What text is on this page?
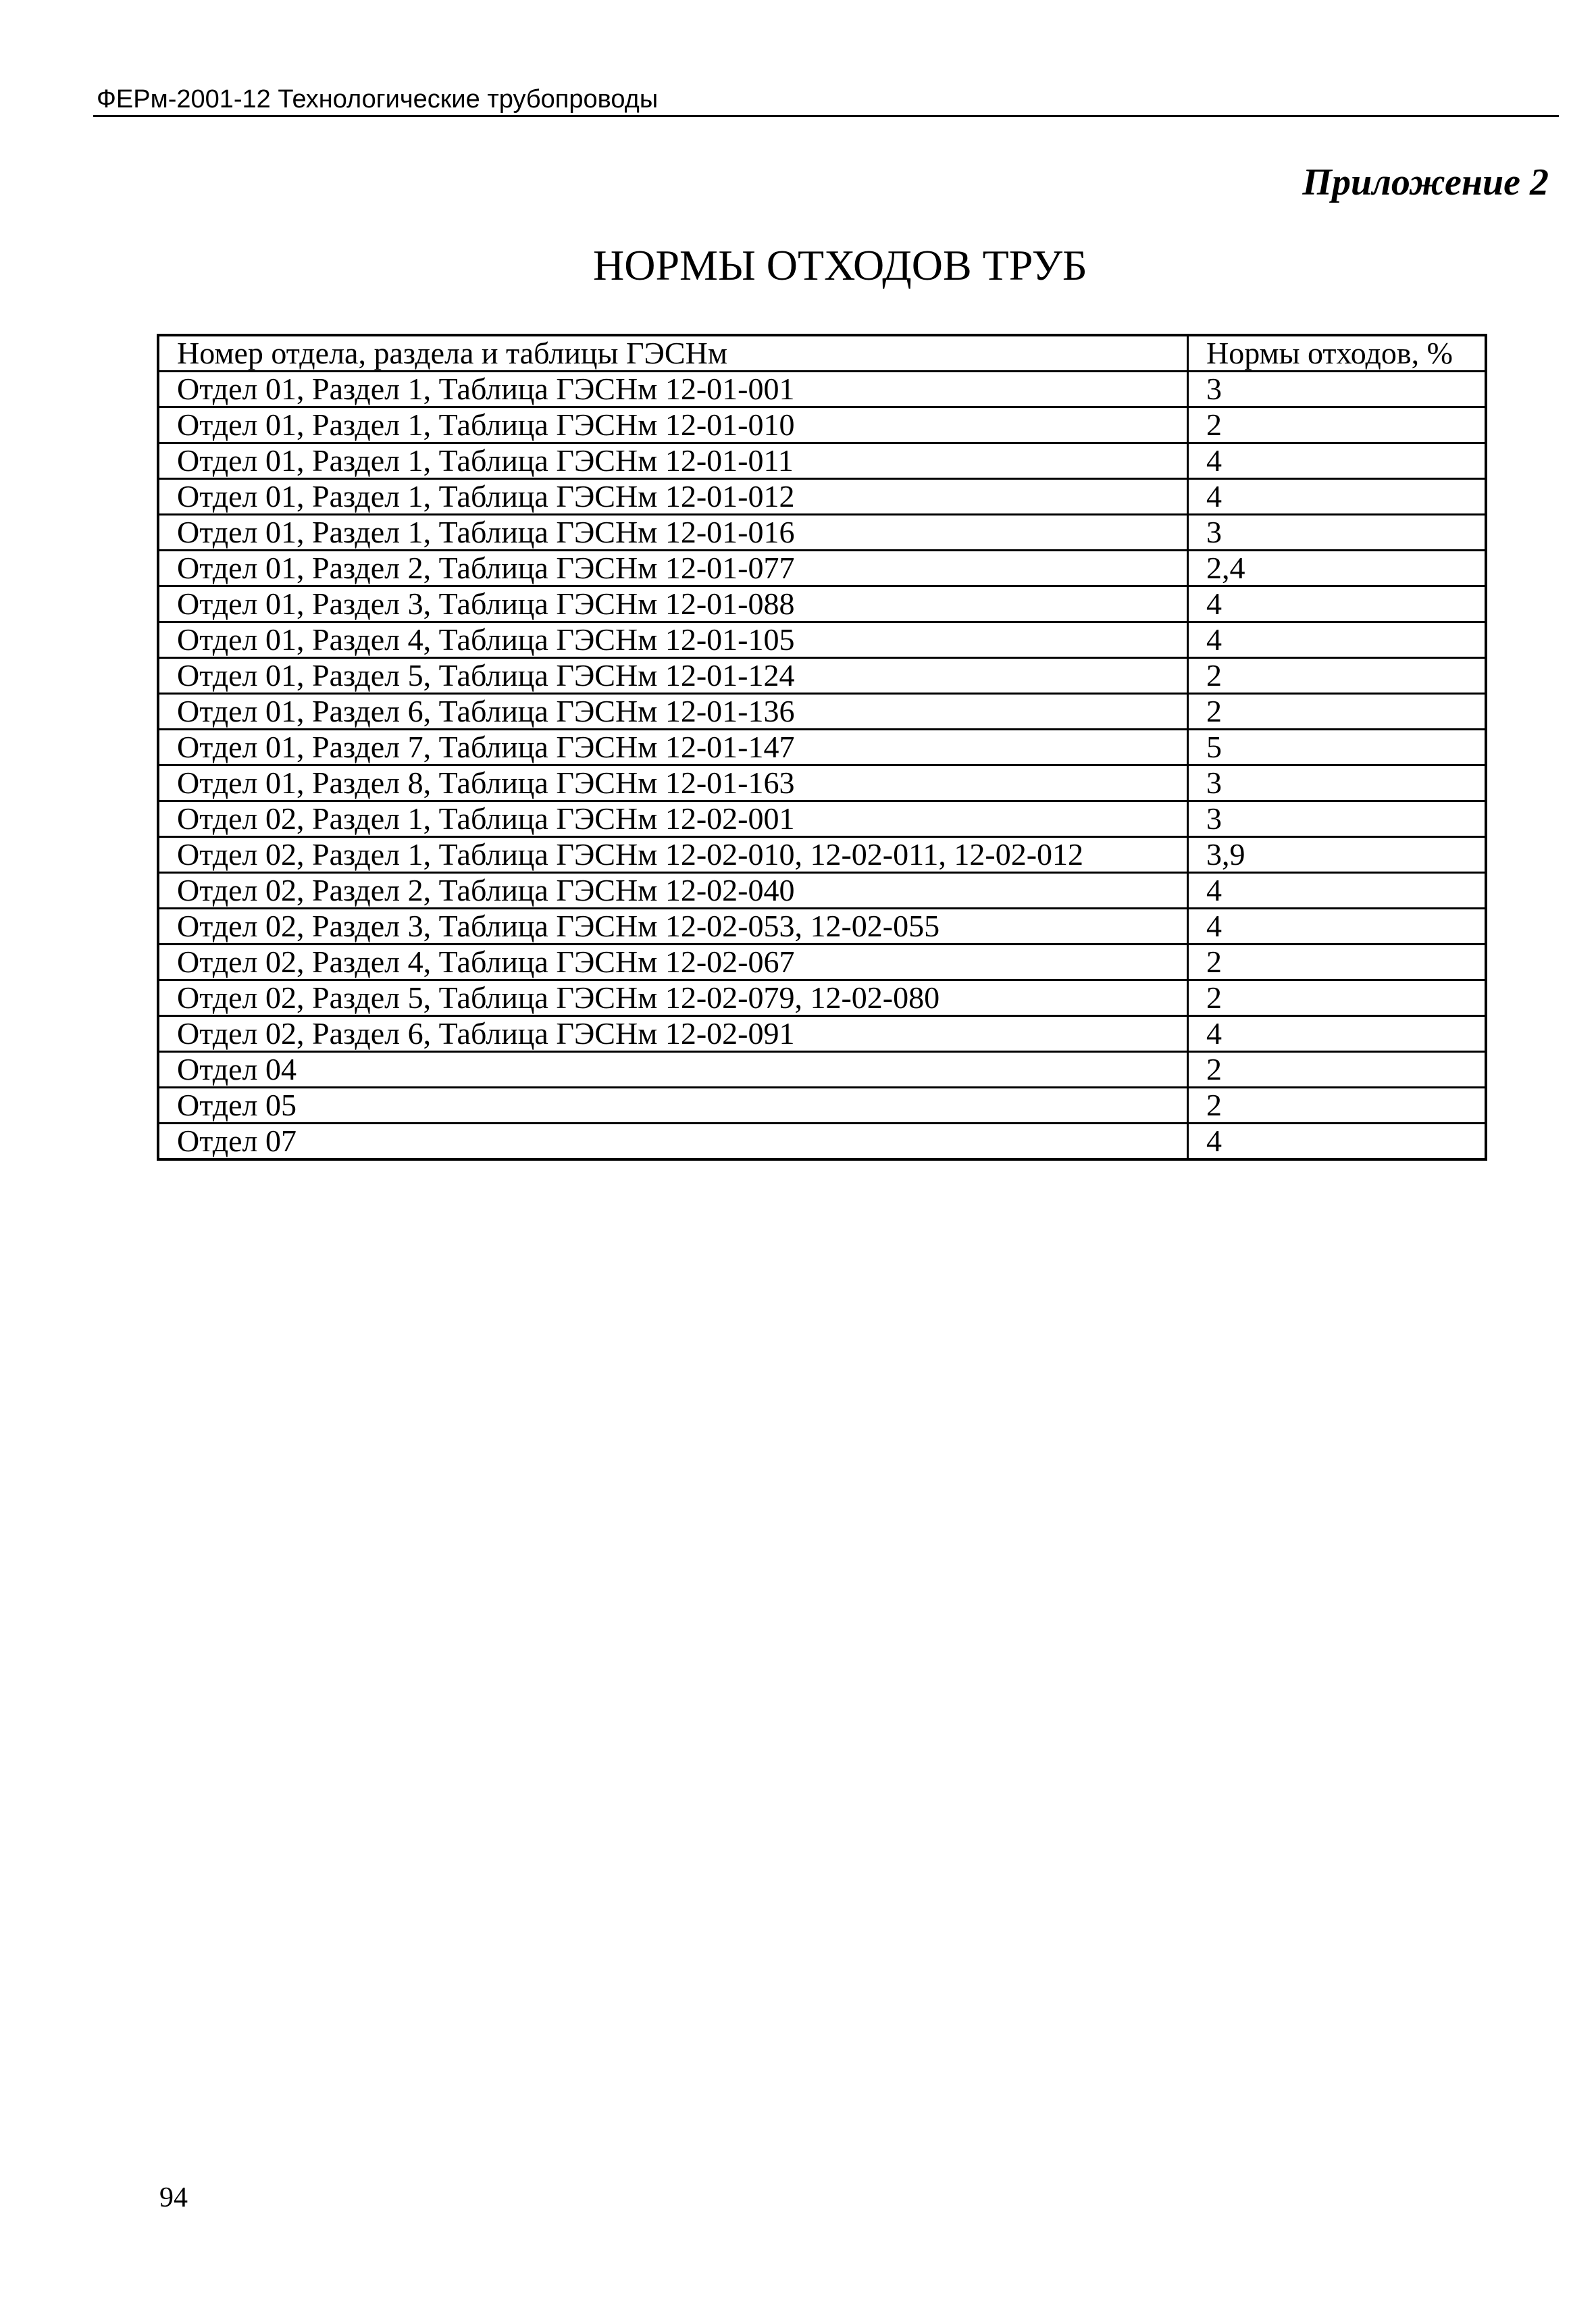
ФЕРм-2001-12 Технологические трубопроводы
Приложение 2
НОРМЫ ОТХОДОВ ТРУБ
Номер отдела, раздела и таблицы ГЭСНм	Нормы отходов, %
Отдел 01, Раздел 1, Таблица ГЭСНм 12-01-001	3
Отдел 01, Раздел 1, Таблица ГЭСНм 12-01-010	2
Отдел 01, Раздел 1, Таблица ГЭСНм 12-01-011	4
Отдел 01, Раздел 1, Таблица ГЭСНм 12-01-012	4
Отдел 01, Раздел 1, Таблица ГЭСНм 12-01-016	3
Отдел 01, Раздел 2, Таблица ГЭСНм 12-01-077	2,4
Отдел 01, Раздел 3, Таблица ГЭСНм 12-01-088	4
Отдел 01, Раздел 4, Таблица ГЭСНм 12-01-105	4
Отдел 01, Раздел 5, Таблица ГЭСНм 12-01-124	2
Отдел 01, Раздел 6, Таблица ГЭСНм 12-01-136	2
Отдел 01, Раздел 7, Таблица ГЭСНм 12-01-147	5
Отдел 01, Раздел 8, Таблица ГЭСНм 12-01-163	3
Отдел 02, Раздел 1, Таблица ГЭСНм 12-02-001	3
Отдел 02, Раздел 1, Таблица ГЭСНм 12-02-010, 12-02-011, 12-02-012	3,9
Отдел 02, Раздел 2, Таблица ГЭСНм 12-02-040	4
Отдел 02, Раздел 3, Таблица ГЭСНм 12-02-053, 12-02-055	4
Отдел 02, Раздел 4, Таблица ГЭСНм 12-02-067	2
Отдел 02, Раздел 5, Таблица ГЭСНм 12-02-079, 12-02-080	2
Отдел 02, Раздел 6, Таблица ГЭСНм 12-02-091	4
Отдел 04	2
Отдел 05	2
Отдел 07	4
94
